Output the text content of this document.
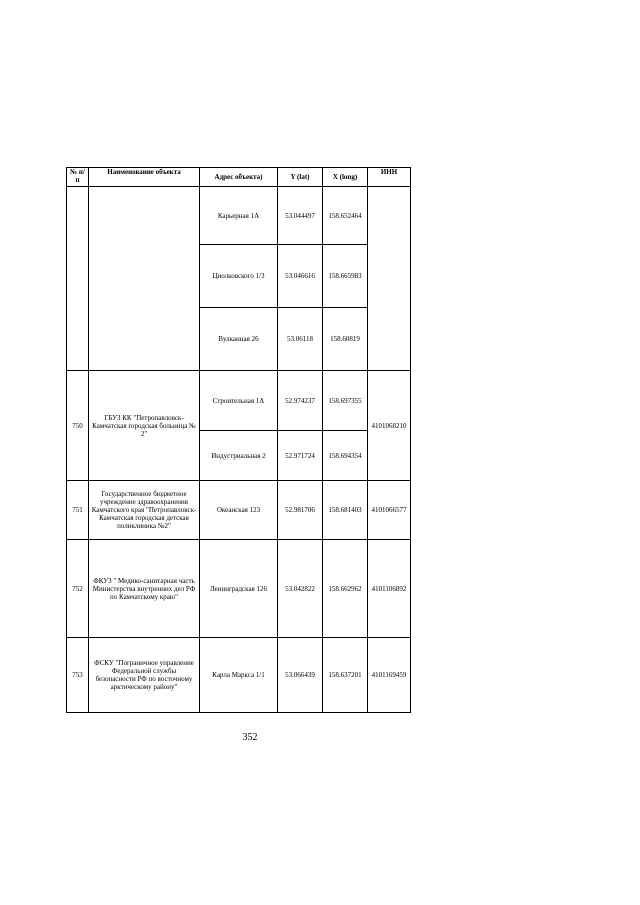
№ п/п	Наименование объекта	Адрес объекта)	Y (lat)	X (long)	ИНН
		Карьерная 1А	53.044497	158.652464	
		Циолковского 1/3	53.046616	158.665983	
		Вулканная 26	53.06118	158.60819	
750	ГБУЗ КК "Петропавловск-Камчатская городская больница № 2"	Строительная 1А	52.974237	158.697355	4101068210
		Индустриальная 2	52.971724	158.694354	
751	Государственное бюджетное учреждение здравоохранения Камчатского края "Петропавловск-Камчатская городская детская поликлиника №2"	Океанская 123	52.981706	158.681403	4101066577
752	ФКУЗ " Медико-санитарная часть Министерства внутренних дел РФ по Камчатскому краю"	Ленинградская 126	53.042822	158.662962	4101106892
753	ФСКУ "Пограничное управление Федеральной службы безопасности РФ по восточному арктическому району"	Карла Маркса 1/1	53.066439	158.637201	4101169459
352
